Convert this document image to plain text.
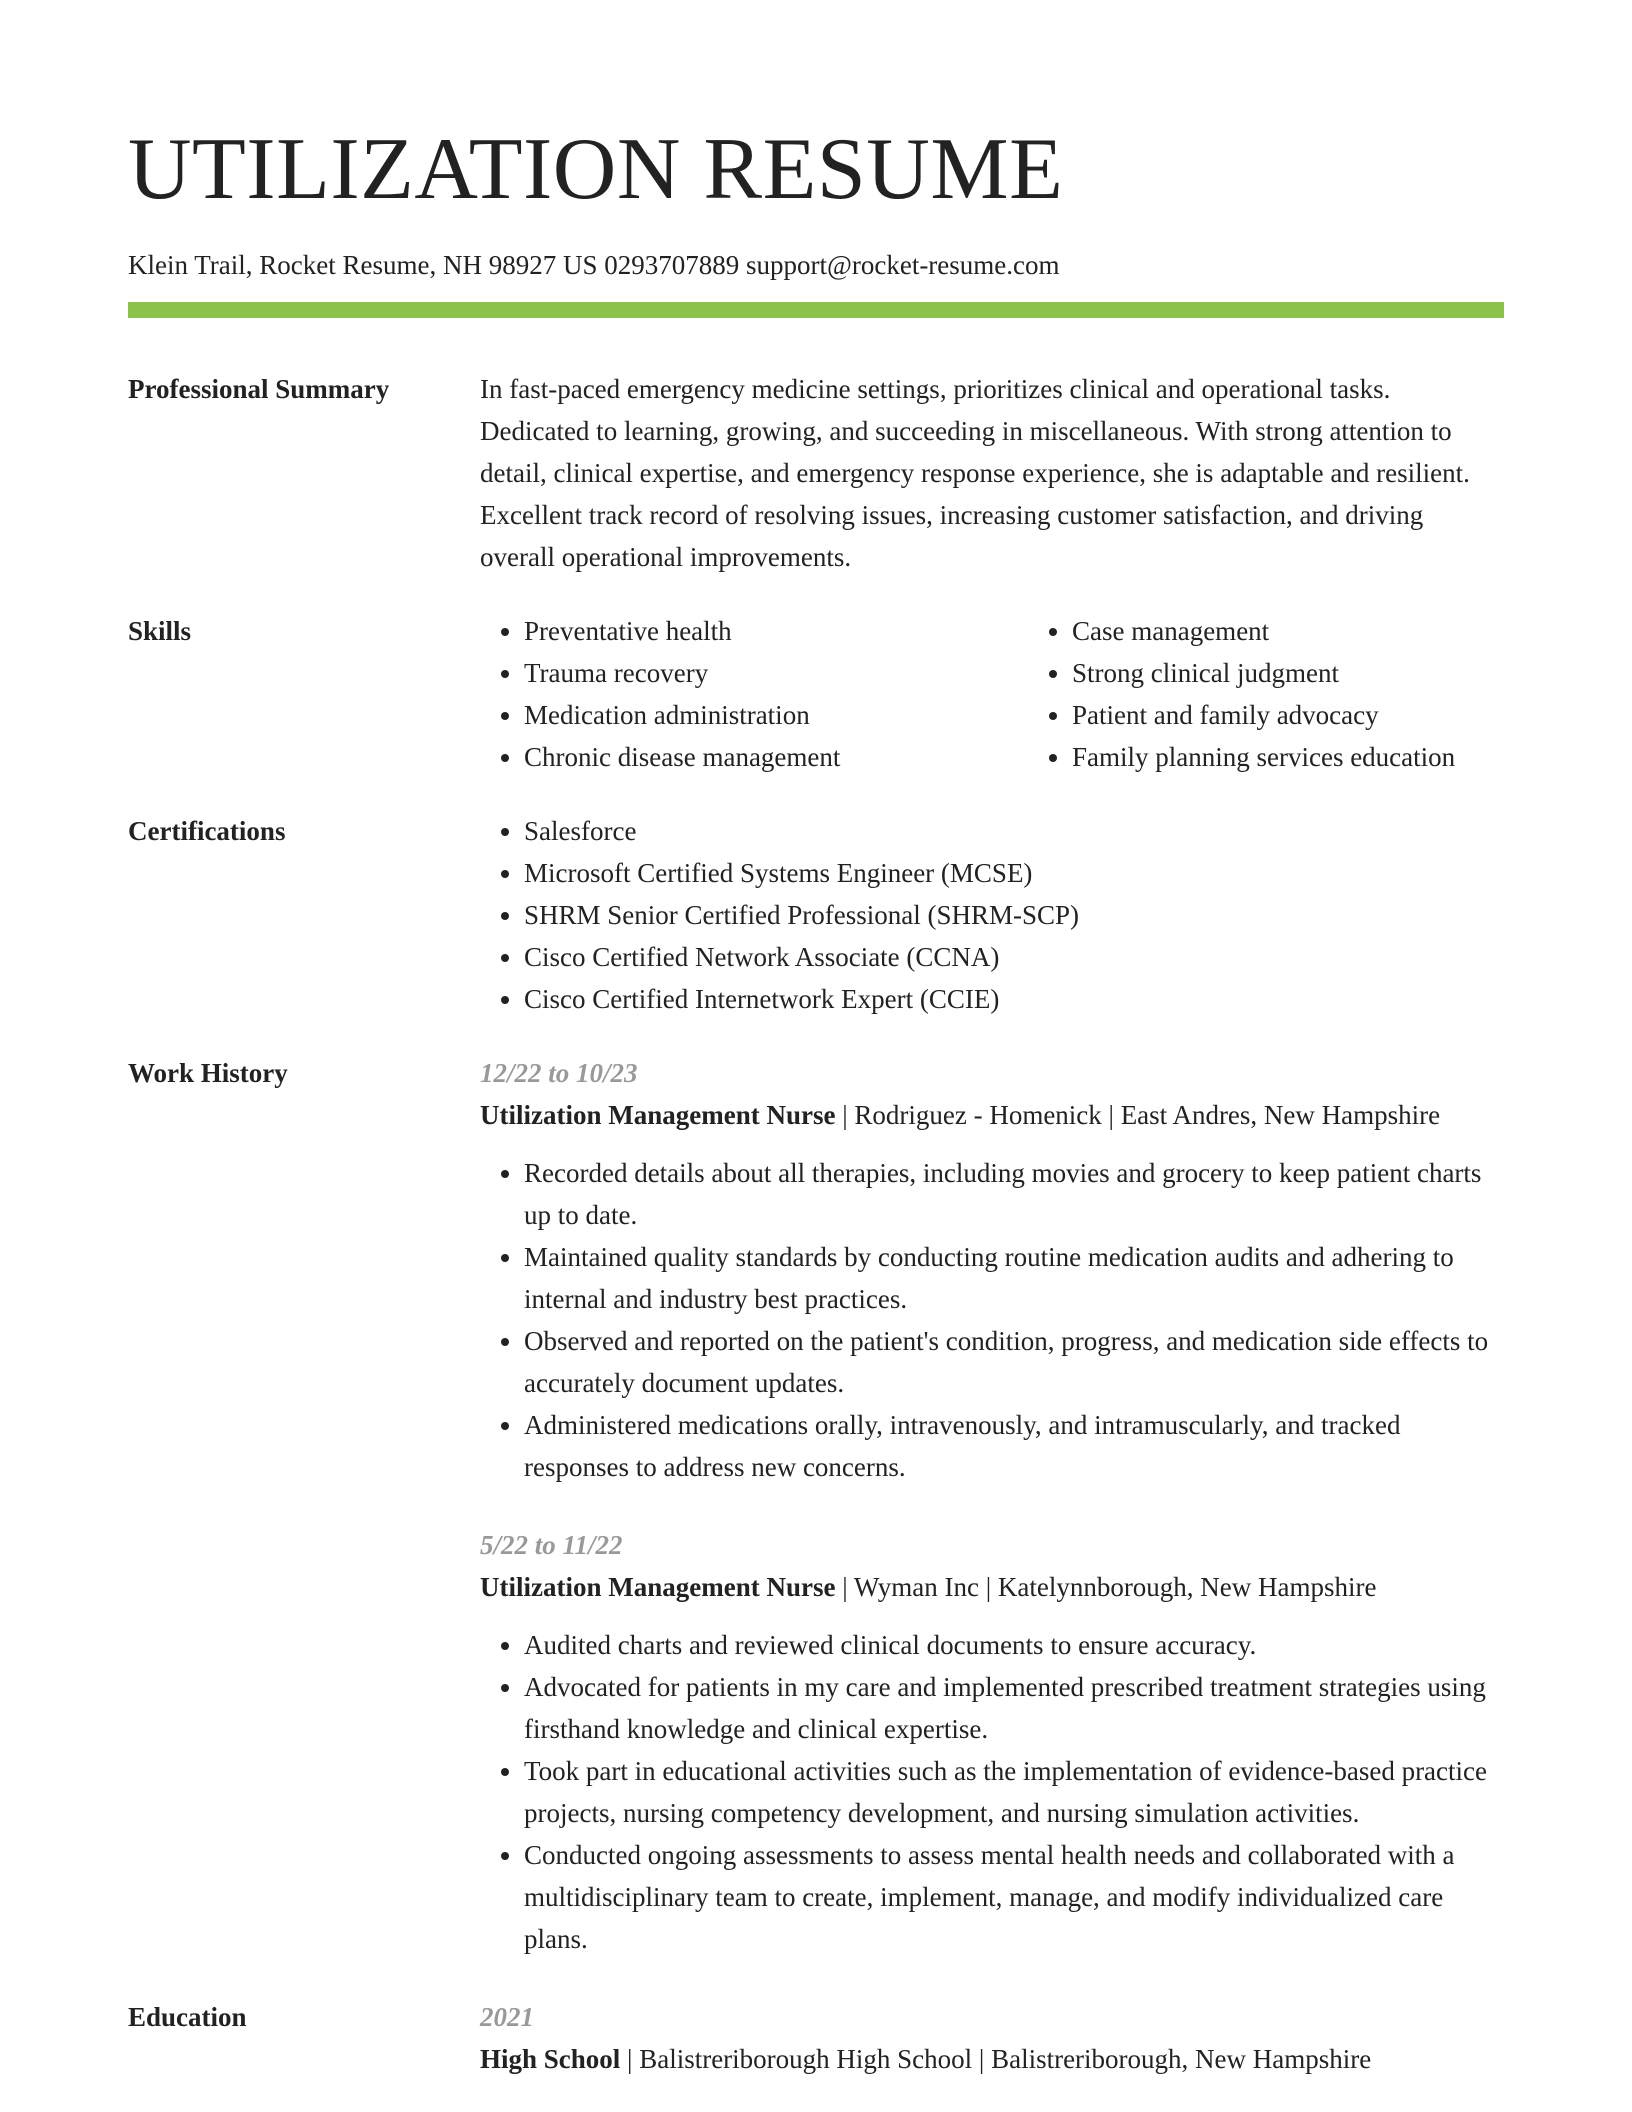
UTILIZATION RESUME
Klein Trail, Rocket Resume, NH 98927 US 0293707889 support@rocket-resume.com
Professional Summary	In fast-paced emergency medicine settings, prioritizes clinical and operational tasks. Dedicated to learning, growing, and succeeding in miscellaneous. With strong attention to detail, clinical expertise, and emergency response experience, she is adaptable and resilient. Excellent track record of resolving issues, increasing customer satisfaction, and driving overall operational improvements.
Skills	• Preventative health
• Trauma recovery
• Medication administration
• Chronic disease management
• Case management
• Strong clinical judgment
• Patient and family advocacy
• Family planning services education
Certifications	• Salesforce
• Microsoft Certified Systems Engineer (MCSE)
• SHRM Senior Certified Professional (SHRM-SCP)
• Cisco Certified Network Associate (CCNA)
• Cisco Certified Internetwork Expert (CCIE)
Work History	12/22 to 10/23
Utilization Management Nurse | Rodriguez - Homenick | East Andres, New Hampshire
• Recorded details about all therapies, including movies and grocery to keep patient charts up to date.
• Maintained quality standards by conducting routine medication audits and adhering to internal and industry best practices.
• Observed and reported on the patient's condition, progress, and medication side effects to accurately document updates.
• Administered medications orally, intravenously, and intramuscularly, and tracked responses to address new concerns.
5/22 to 11/22
Utilization Management Nurse | Wyman Inc | Katelynnborough, New Hampshire
• Audited charts and reviewed clinical documents to ensure accuracy.
• Advocated for patients in my care and implemented prescribed treatment strategies using firsthand knowledge and clinical expertise.
• Took part in educational activities such as the implementation of evidence-based practice projects, nursing competency development, and nursing simulation activities.
• Conducted ongoing assessments to assess mental health needs and collaborated with a multidisciplinary team to create, implement, manage, and modify individualized care plans.
Education	2021
High School | Balistreriborough High School | Balistreriborough, New Hampshire
